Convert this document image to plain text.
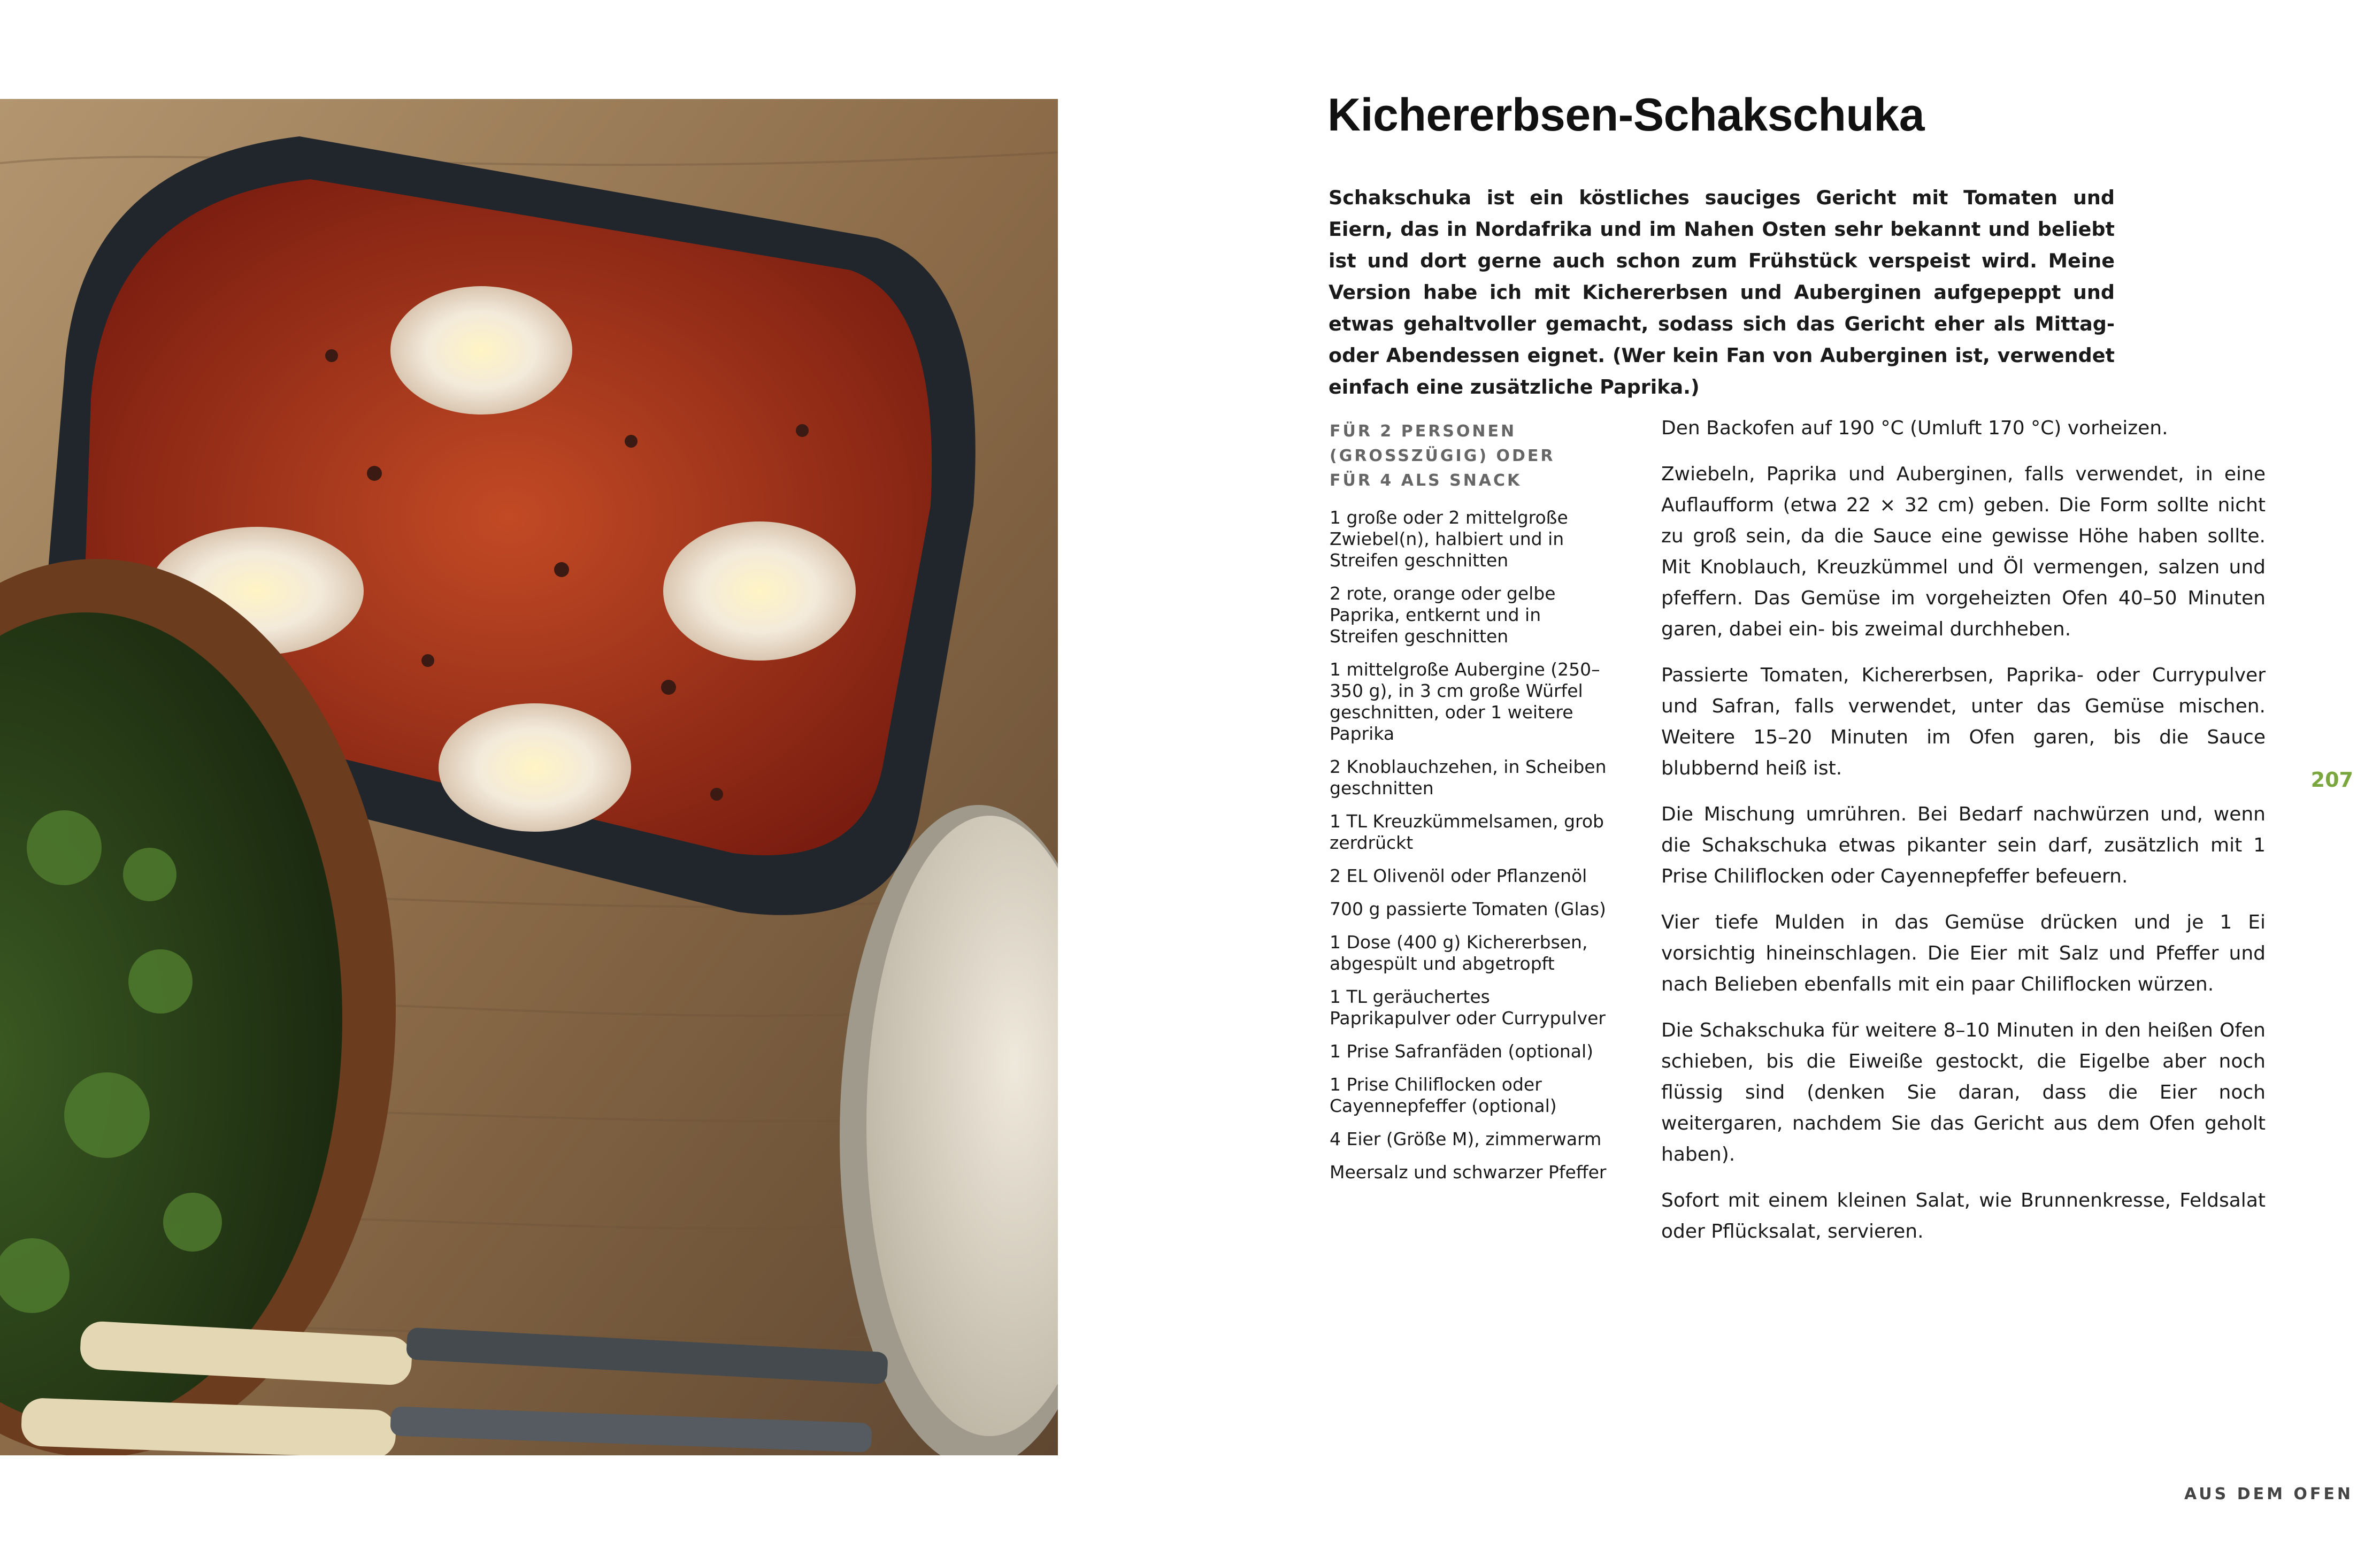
Kichererbsen-Schakschuka

Schakschuka ist ein köstliches sauciges Gericht mit Tomaten und Eiern, das in Nordafrika und im Nahen Osten sehr bekannt und beliebt ist und dort gerne auch schon zum Frühstück verspeist wird. Meine Version habe ich mit Kichererbsen und Auberginen aufgepeppt und etwas gehaltvoller gemacht, sodass sich das Gericht eher als Mittag- oder Abendessen eignet. (Wer kein Fan von Auberginen ist, verwendet einfach eine zusätzliche Paprika.)

FÜR 2 PERSONEN
(GROSSZÜGIG) ODER
FÜR 4 ALS SNACK
1 große oder 2 mittelgroße Zwiebel(n), halbiert und in Streifen geschnitten
2 rote, orange oder gelbe Paprika, entkernt und in Streifen geschnitten
1 mittelgroße Aubergine (250–350 g), in 3 cm große Würfel geschnitten, oder 1 weitere Paprika
2 Knoblauchzehen, in Scheiben geschnitten
1 TL Kreuzkümmelsamen, grob zerdrückt
2 EL Olivenöl oder Pflanzenöl
700 g passierte Tomaten (Glas)
1 Dose (400 g) Kichererbsen, abgespült und abgetropft
1 TL geräuchertes Paprikapulver oder Currypulver
1 Prise Safranfäden (optional)
1 Prise Chiliflocken oder Cayennepfeffer (optional)
4 Eier (Größe M), zimmerwarm
Meersalz und schwarzer Pfeffer

Den Backofen auf 190 °C (Umluft 170 °C) vorheizen.

Zwiebeln, Paprika und Auberginen, falls verwendet, in eine Auflaufform (etwa 22 × 32 cm) geben. Die Form sollte nicht zu groß sein, da die Sauce eine gewisse Höhe haben sollte. Mit Knoblauch, Kreuzkümmel und Öl vermengen, salzen und pfeffern. Das Gemüse im vorgeheizten Ofen 40–50 Minuten garen, dabei ein- bis zweimal durchheben.

Passierte Tomaten, Kichererbsen, Paprika- oder Currypulver und Safran, falls verwendet, unter das Gemüse mischen. Weitere 15–20 Minuten im Ofen garen, bis die Sauce blubbernd heiß ist.

Die Mischung umrühren. Bei Bedarf nachwürzen und, wenn die Schakschuka etwas pikanter sein darf, zusätzlich mit 1 Prise Chiliflocken oder Cayennepfeffer befeuern.

Vier tiefe Mulden in das Gemüse drücken und je 1 Ei vorsichtig hineinschlagen. Die Eier mit Salz und Pfeffer und nach Belieben ebenfalls mit ein paar Chiliflocken würzen.

Die Schakschuka für weitere 8–10 Minuten in den heißen Ofen schieben, bis die Eiweiße gestockt, die Eigelbe aber noch flüssig sind (denken Sie daran, dass die Eier noch weitergaren, nachdem Sie das Gericht aus dem Ofen geholt haben).

Sofort mit einem kleinen Salat, wie Brunnenkresse, Feldsalat oder Pflücksalat, servieren.

207
AUS DEM OFEN
